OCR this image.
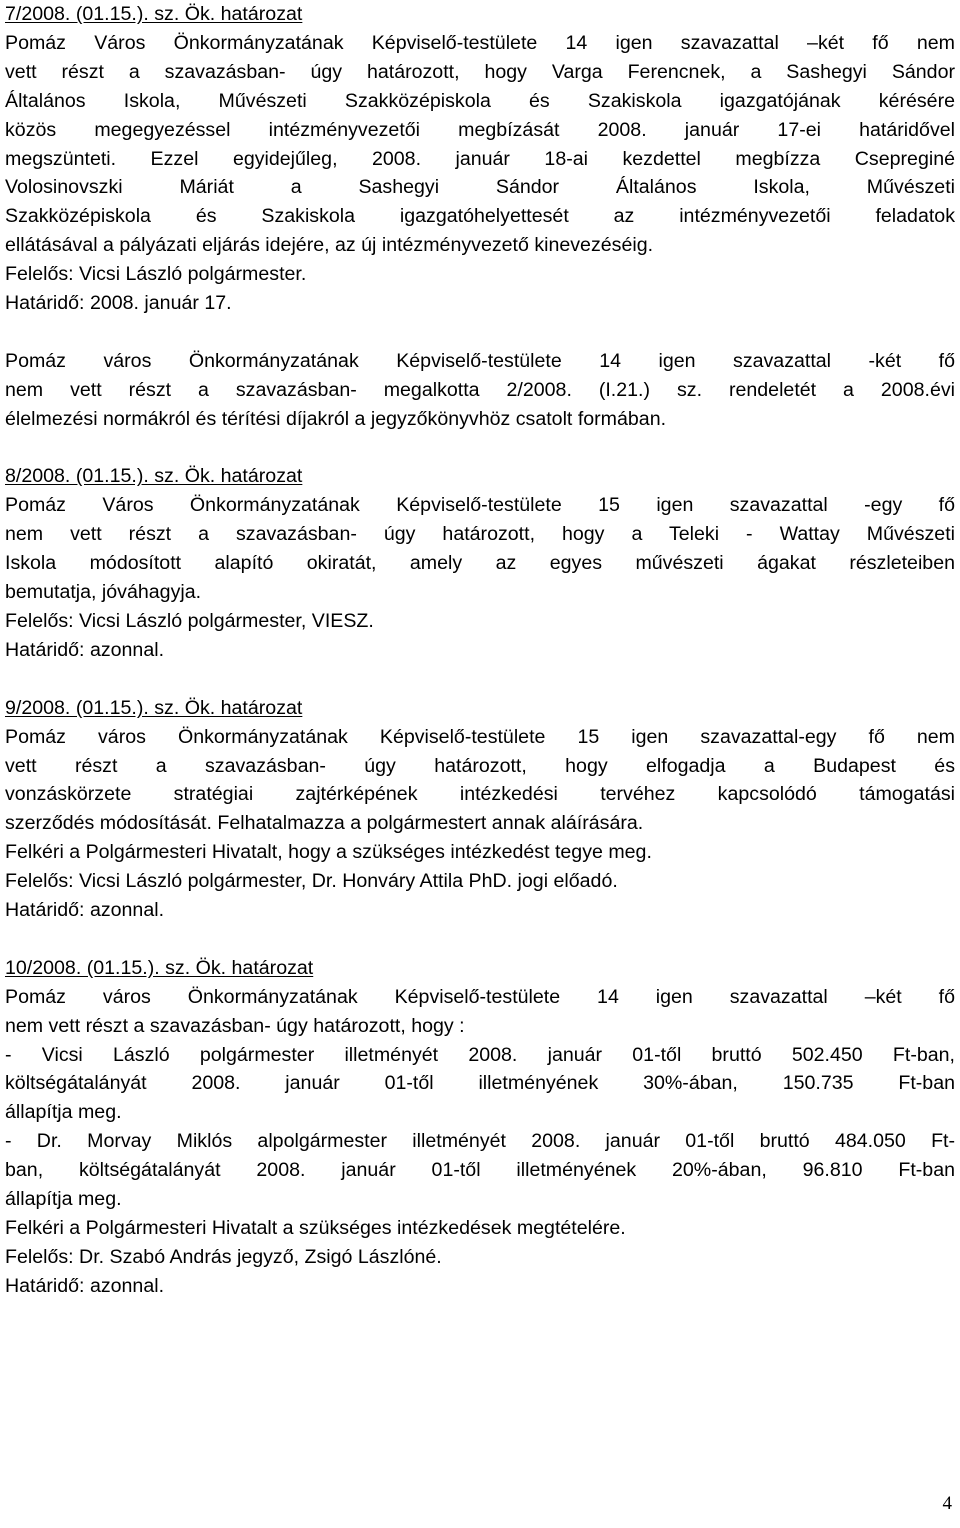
7/2008. (01.15.). sz. Ök. határozat
Pomáz Város Önkormányzatának Képviselő-testülete 14 igen szavazattal –két fő nem
vett részt a szavazásban- úgy határozott, hogy Varga Ferencnek, a Sashegyi Sándor
Általános Iskola, Művészeti Szakközépiskola és Szakiskola igazgatójának kérésére
közös megegyezéssel intézményvezetői megbízását 2008. január 17-ei határidővel
megszünteti. Ezzel egyidejűleg, 2008. január 18-ai kezdettel megbízza Csepreginé
Volosinovszki Máriát a Sashegyi Sándor Általános Iskola, Művészeti
Szakközépiskola és Szakiskola igazgatóhelyettesét az intézményvezetői feladatok
ellátásával a pályázati eljárás idejére, az új intézményvezető kinevezéséig.
Felelős: Vicsi László polgármester.
Határidő: 2008. január 17.
Pomáz város Önkormányzatának Képviselő-testülete 14 igen szavazattal -két fő
nem vett részt a szavazásban- megalkotta 2/2008. (I.21.) sz. rendeletét a 2008.évi
élelmezési normákról és térítési díjakról a jegyzőkönyvhöz csatolt formában.
8/2008. (01.15.). sz. Ök. határozat
Pomáz Város Önkormányzatának Képviselő-testülete 15 igen szavazattal -egy fő
nem vett részt a szavazásban- úgy határozott, hogy a Teleki - Wattay Művészeti
Iskola módosított alapító okiratát, amely az egyes művészeti ágakat részleteiben
bemutatja, jóváhagyja.
Felelős: Vicsi László polgármester, VIESZ.
Határidő: azonnal.
9/2008. (01.15.). sz. Ök. határozat
Pomáz város Önkormányzatának Képviselő-testülete 15 igen szavazattal-egy fő nem
vett részt a szavazásban- úgy határozott, hogy elfogadja a Budapest és
vonzáskörzete stratégiai zajtérképének intézkedési tervéhez kapcsolódó támogatási
szerződés módosítását. Felhatalmazza a polgármestert annak aláírására.
Felkéri a Polgármesteri Hivatalt, hogy a szükséges intézkedést tegye meg.
Felelős: Vicsi László polgármester, Dr. Honváry Attila PhD. jogi előadó.
Határidő: azonnal.
10/2008. (01.15.). sz. Ök. határozat
Pomáz város Önkormányzatának Képviselő-testülete 14 igen szavazattal –két fő
nem vett részt a szavazásban- úgy határozott, hogy :
- Vicsi László polgármester illetményét 2008. január 01-től bruttó 502.450 Ft-ban,
költségátalányát 2008. január 01-től illetményének 30%-ában, 150.735 Ft-ban
állapítja meg.
- Dr. Morvay Miklós alpolgármester illetményét 2008. január 01-től bruttó 484.050 Ft-
ban, költségátalányát 2008. január 01-től illetményének 20%-ában, 96.810 Ft-ban
állapítja meg.
Felkéri a Polgármesteri Hivatalt a szükséges intézkedések megtételére.
Felelős: Dr. Szabó András jegyző, Zsigó Lászlóné.
Határidő: azonnal.
4
